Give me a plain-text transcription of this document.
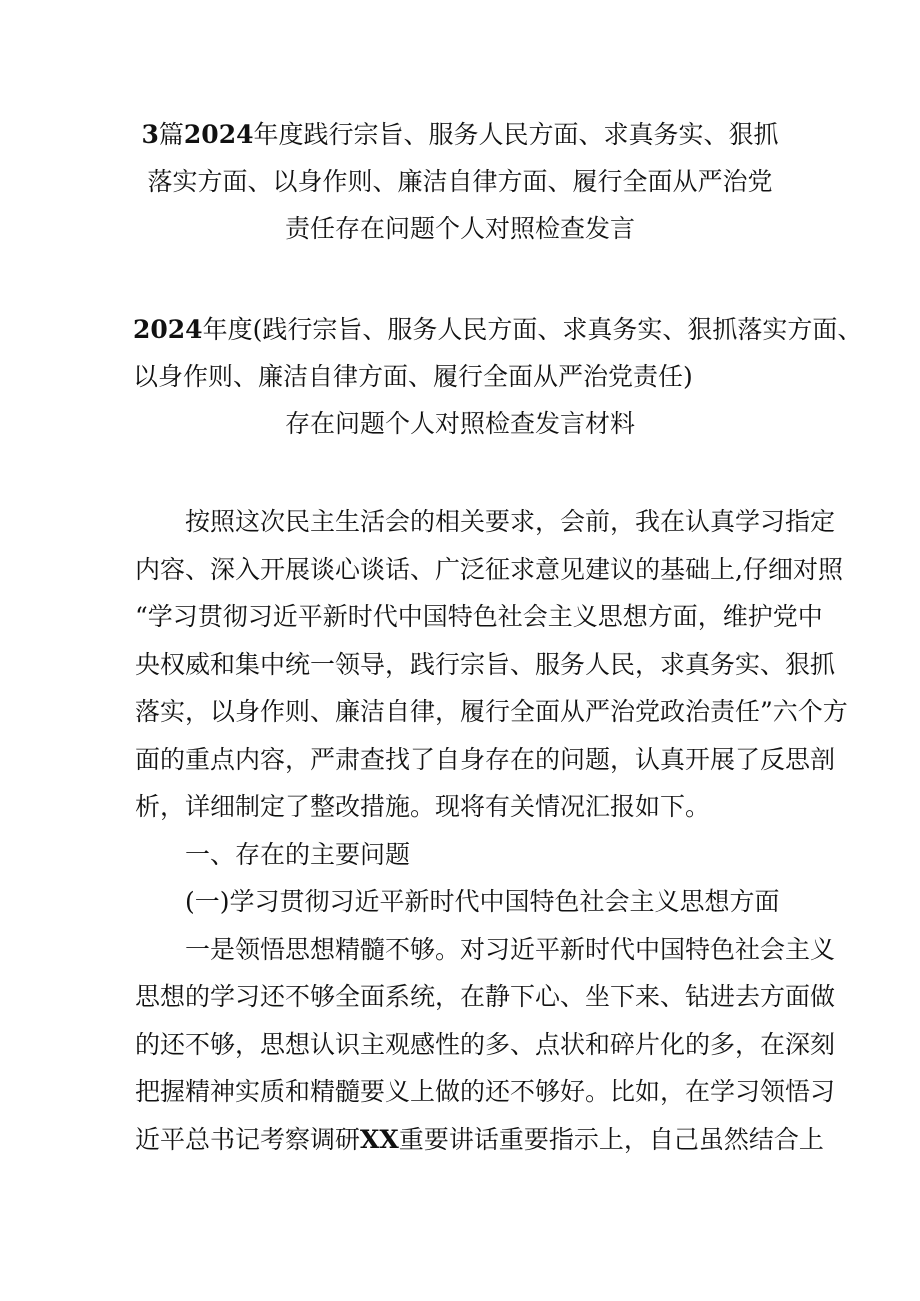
3篇2024年度践行宗旨、服务人民方面、求真务实、狠抓
落实方面、以身作则、廉洁自律方面、履行全面从严治党
责任存在问题个人对照检查发言
2024年度(践行宗旨、服务人民方面、求真务实、狠抓落实方面、
以身作则、廉洁自律方面、履行全面从严治党责任)
存在问题个人对照检查发言材料
按照这次民主生活会的相关要求，会前，我在认真学习指定
内容、深入开展谈心谈话、广泛征求意见建议的基础上,仔细对照
“学习贯彻习近平新时代中国特色社会主义思想方面，维护党中
央权威和集中统一领导，践行宗旨、服务人民，求真务实、狠抓
落实，以身作则、廉洁自律，履行全面从严治党政治责任”六个方
面的重点内容，严肃查找了自身存在的问题，认真开展了反思剖
析，详细制定了整改措施。现将有关情况汇报如下。
一、存在的主要问题
(一)学习贯彻习近平新时代中国特色社会主义思想方面
一是领悟思想精髓不够。对习近平新时代中国特色社会主义
思想的学习还不够全面系统，在静下心、坐下来、钻进去方面做
的还不够，思想认识主观感性的多、点状和碎片化的多，在深刻
把握精神实质和精髓要义上做的还不够好。比如，在学习领悟习
近平总书记考察调研XX重要讲话重要指示上，自己虽然结合上
